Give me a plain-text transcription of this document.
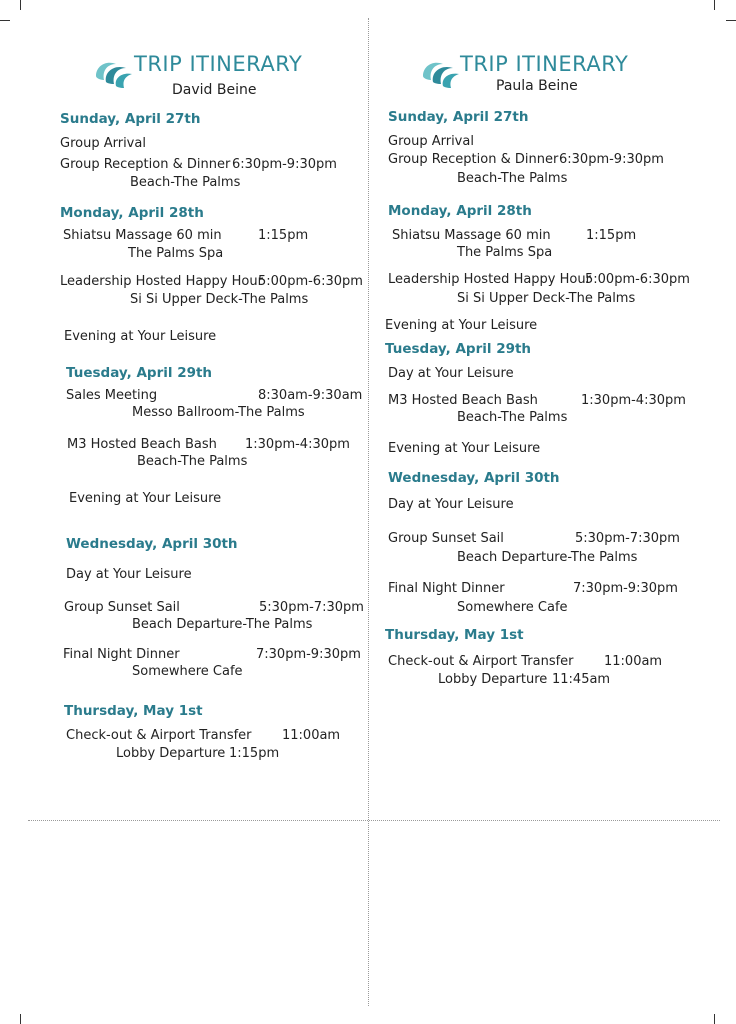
TRIP ITINERARY
David Beine
Sunday, April 27th
Group Arrival
Group Reception & Dinner 6:30pm-9:30pm
Beach-The Palms
Monday, April 28th
Shiatsu Massage 60 min	1:15pm
The Palms Spa
Leadership Hosted Happy Hour
5:00pm-6:30pm
Si Si Upper Deck-The Palms
Evening at Your Leisure
Tuesday, April 29th
Sales Meeting	8:30am-9:30am
Messo Ballroom-The Palms
M3 Hosted Beach Bash 1:30pm-4:30pm
Beach-The Palms
Evening at Your Leisure
Wednesday, April 30th
Day at Your Leisure
Group Sunset Sail	5:30pm-7:30pm
Beach Departure-The Palms
Final Night Dinner	7:30pm-9:30pm
Somewhere Cafe
Thursday, May 1st
Check-out & Airport Transfer 11:00am
Lobby Departure 1:15pm
TRIP ITINERARY
Paula Beine
Sunday, April 27th
Group Arrival
Group Reception & Dinner 6:30pm-9:30pm
Beach-The Palms
Monday, April 28th
Shiatsu Massage 60 min	1:15pm
The Palms Spa
Leadership Hosted Happy Hour
5:00pm-6:30pm
Si Si Upper Deck-The Palms
Evening at Your Leisure
Tuesday, April 29th
Day at Your Leisure
M3 Hosted Beach Bash	1:30pm-4:30pm
Beach-The Palms
Evening at Your Leisure
Wednesday, April 30th
Day at Your Leisure
Group Sunset Sail	5:30pm-7:30pm
Beach Departure-The Palms
Final Night Dinner	7:30pm-9:30pm
Somewhere Cafe
Thursday, May 1st
Check-out & Airport Transfer 11:00am
Lobby Departure 11:45am
